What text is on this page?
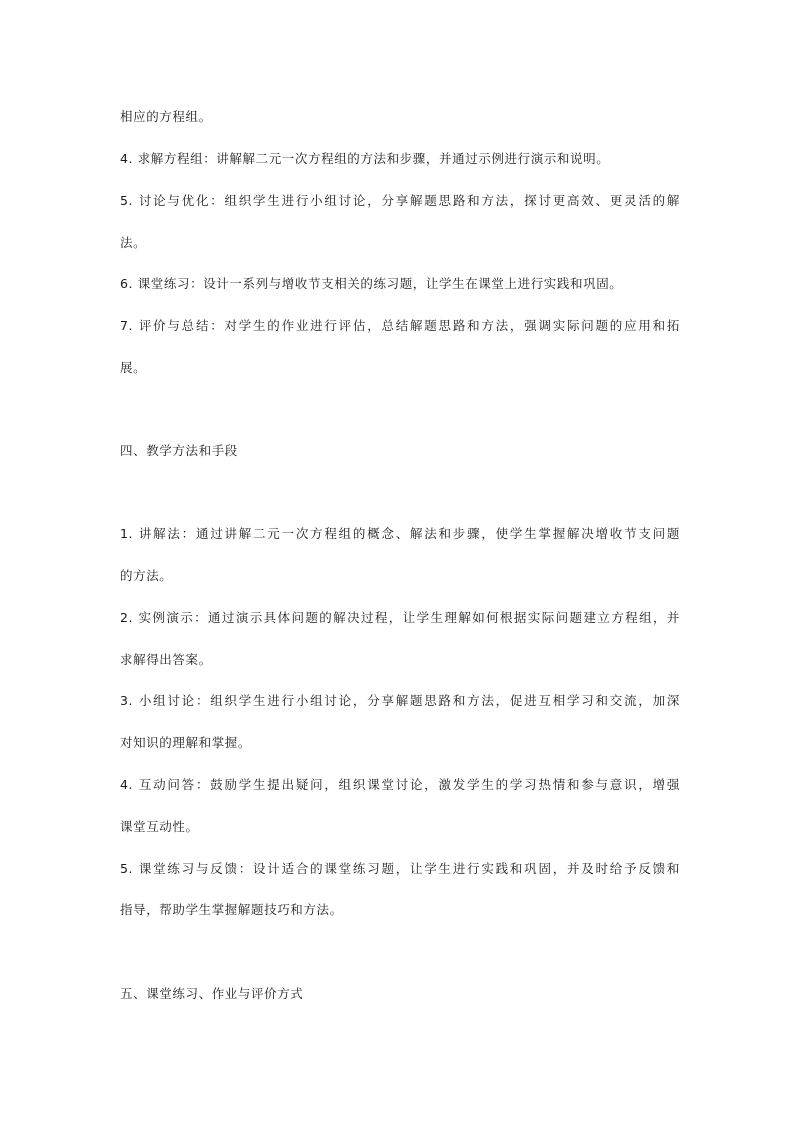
相应的方程组。
4. 求解方程组：讲解解二元一次方程组的方法和步骤，并通过示例进行演示和说明。
5. 讨论与优化：组织学生进行小组讨论，分享解题思路和方法，探讨更高效、更灵活的解
法。
6. 课堂练习：设计一系列与增收节支相关的练习题，让学生在课堂上进行实践和巩固。
7. 评价与总结：对学生的作业进行评估，总结解题思路和方法，强调实际问题的应用和拓
展。
四、教学方法和手段
1. 讲解法：通过讲解二元一次方程组的概念、解法和步骤，使学生掌握解决增收节支问题
的方法。
2. 实例演示：通过演示具体问题的解决过程，让学生理解如何根据实际问题建立方程组，并
求解得出答案。
3. 小组讨论：组织学生进行小组讨论，分享解题思路和方法，促进互相学习和交流，加深
对知识的理解和掌握。
4. 互动问答：鼓励学生提出疑问，组织课堂讨论，激发学生的学习热情和参与意识，增强
课堂互动性。
5. 课堂练习与反馈：设计适合的课堂练习题，让学生进行实践和巩固，并及时给予反馈和
指导，帮助学生掌握解题技巧和方法。
五、课堂练习、作业与评价方式
